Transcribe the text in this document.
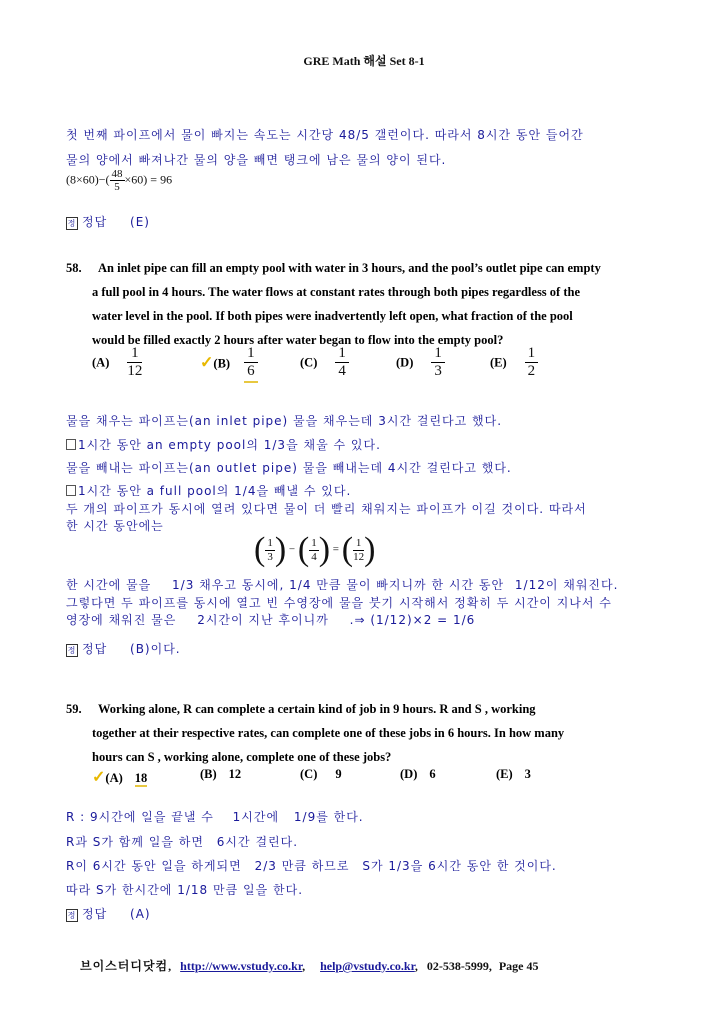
GRE Math 해설 Set 8-1
첫 번째 파이프에서 물이 빠지는 속도는 시간당 48/5 갤런이다. 따라서 8시간 동안 들어간
물의 양에서 빠져나간 물의 양을 빼면 탱크에 남은 물의 양이 된다.
$(8\times 60)-( \frac{48}{5}\times 60) = 96$
정 정답 (E)
58. An inlet pipe can fill an empty pool with water in 3 hours, and the pool’s outlet pipe can empty
a full pool in 4 hours. The water flows at constant rates through both pipes regardless of the
water level in the pool. If both pipes were inadvertently left open, what fraction of the pool
would be filled exactly 2 hours after water began to flow into the empty pool?
$(A) \frac{1}{12}$	✓(B) $\frac{1}{6}$	$(C) \frac{1}{4}$	$(D) \frac{1}{3}$	$(E) \frac{1}{2}$
물을 채우는 파이프는(an inlet pipe) 물을 채우는데 3시간 걸린다고 했다.
1시간 동안 an empty pool의 1/3을 채울 수 있다.
물을 빼내는 파이프는(an outlet pipe) 물을 빼내는데 4시간 걸린다고 했다.
1시간 동안 a full pool의 1/4을 빼낼 수 있다.
두 개의 파이프가 동시에 열려 있다면 물이 더 빨리 채워지는 파이프가 이길 것이다. 따라서
한 시간 동안에는
( $\frac{1}{3}$) − ( $\frac{1}{4}$) = ( $\frac{1}{12}$)
한 시간에 물을 1/3 채우고 동시에, 1/4 만큼 물이 빠지니까 한 시간 동안 1/12이 채워진다.
그렇다면 두 파이프를 동시에 열고 빈 수영장에 물을 붓기 시작해서 정확히 두 시간이 지나서 수
영장에 채워진 물은 2시간이 지난 후이니까 .⇒ (1/12)×2 = 1/6
정 정답 (B)이다.
59. Working alone, R can complete a certain kind of job in 9 hours. R and S , working
together at their respective rates, can complete one of these jobs in 6 hours. In how many
hours can S , working alone, complete one of these jobs?
✓(A) 18	(B) 12	(C) 9	(D) 6	(E) 3
R : 9시간에 일을 끝낼 수 1시간에 1/9를 한다.
R과 S가 함께 일을 하면 6시간 걸린다.
R이 6시간 동안 일을 하게되면 2/3 만큼 하므로 S가 1/3을 6시간 동안 한 것이다.
따라 S가 한시간에 1/18 만큼 일을 한다.
정 정답 (A)
브이스터디닷컴, http://www.vstudy.co.kr, help@vstudy.co.kr, 02-538-5999, Page 45
